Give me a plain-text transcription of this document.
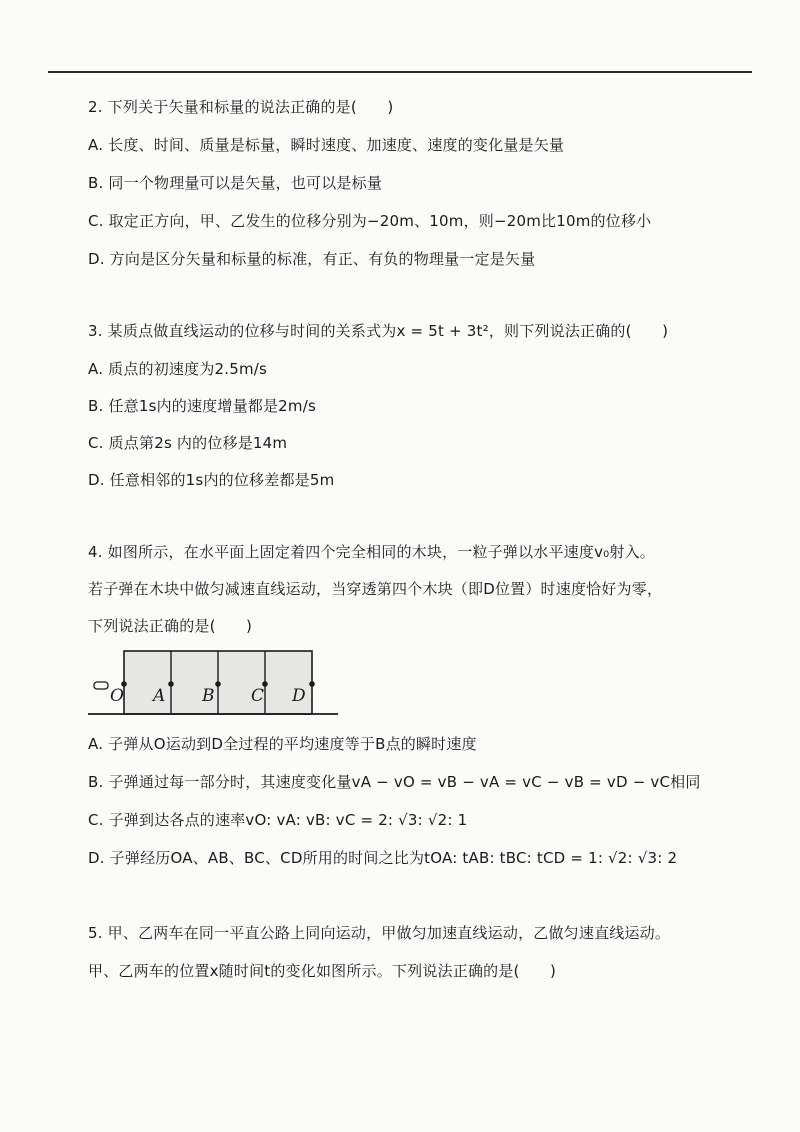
2. 下列关于矢量和标量的说法正确的是(　　)
A. 长度、时间、质量是标量，瞬时速度、加速度、速度的变化量是矢量
B. 同一个物理量可以是矢量，也可以是标量
C. 取定正方向，甲、乙发生的位移分别为−20m、10m，则−20m比10m的位移小
D. 方向是区分矢量和标量的标准，有正、有负的物理量一定是矢量
3. 某质点做直线运动的位移与时间的关系式为x = 5t + 3t²，则下列说法正确的(　　)
A. 质点的初速度为2.5m/s
B. 任意1s内的速度增量都是2m/s
C. 质点第2s 内的位移是14m
D. 任意相邻的1s内的位移差都是5m
4. 如图所示，在水平面上固定着四个完全相同的木块，一粒子弹以水平速度v₀射入。
若子弹在木块中做匀减速直线运动，当穿透第四个木块（即D位置）时速度恰好为零，
下列说法正确的是(　　)
O A B C D
A. 子弹从O运动到D全过程的平均速度等于B点的瞬时速度
B. 子弹通过每一部分时，其速度变化量vA − vO = vB − vA = vC − vB = vD − vC相同
C. 子弹到达各点的速率vO: vA: vB: vC = 2: √3: √2: 1
D. 子弹经历OA、AB、BC、CD所用的时间之比为tOA: tAB: tBC: tCD = 1: √2: √3: 2
5. 甲、乙两车在同一平直公路上同向运动，甲做匀加速直线运动，乙做匀速直线运动。
甲、乙两车的位置x随时间t的变化如图所示。下列说法正确的是(　　)
